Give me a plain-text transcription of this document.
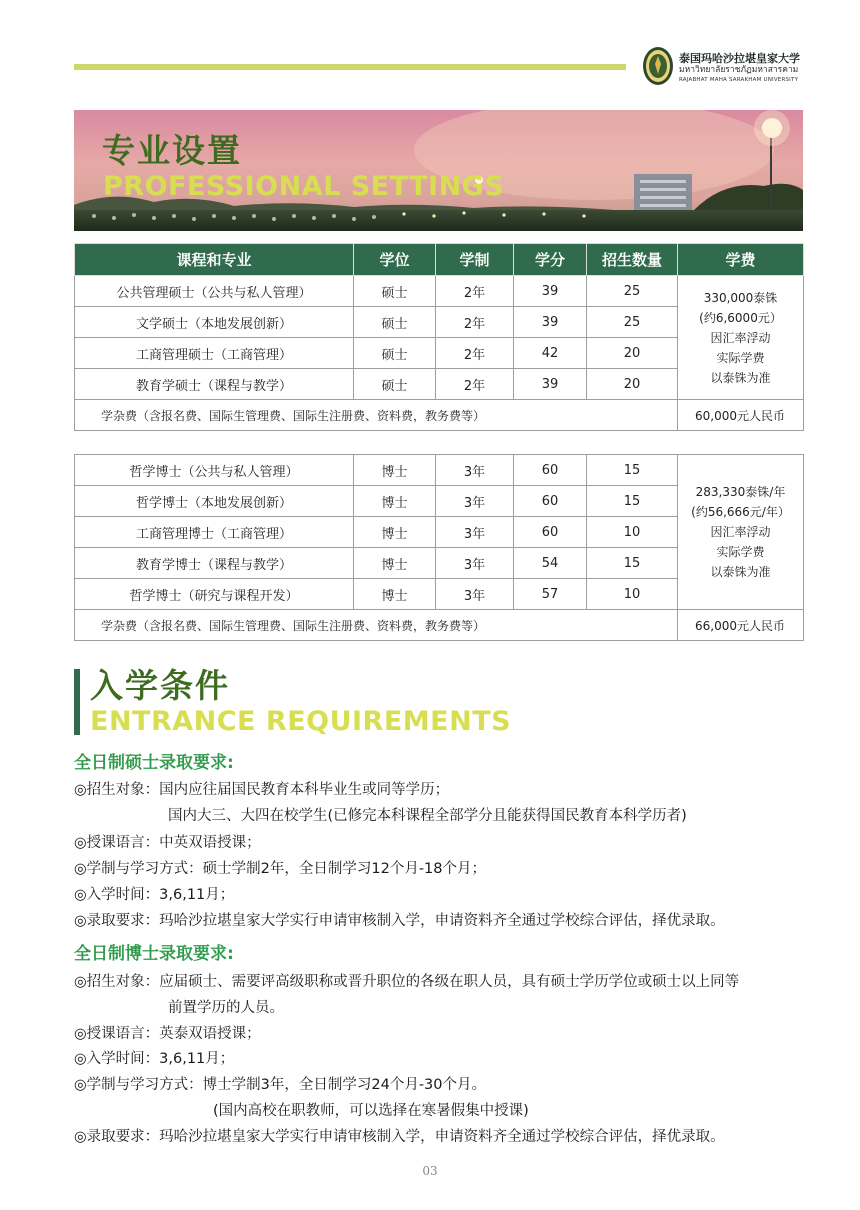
泰国玛哈沙拉堪皇家大学
มหาวิทยาลัยราชภัฏมหาสารคาม
RAJABHAT MAHA SARAKHAM UNIVERSITY
专业设置
PROFESSIONAL SETTINGS
课程和专业	学位	学制	学分	招生数量	学费
公共管理硕士（公共与私人管理）	硕士	2年	39	25	330,000泰铢
(约6,6000元）
因汇率浮动
实际学费
以泰铢为准

文学硕士（本地发展创新）	硕士	2年	39	25	
工商管理硕士（工商管理）	硕士	2年	42	20	
教育学硕士（课程与教学）	硕士	2年	39	20	
学杂费（含报名费、国际生管理费、国际生注册费、资料费，教务费等）					60,000元人民币
哲学博士（公共与私人管理）	博士	3年	60	15	283,330泰铢/年
(约56,666元/年）
因汇率浮动
实际学费
以泰铢为准

哲学博士（本地发展创新）	博士	3年	60	15	
工商管理博士（工商管理）	博士	3年	60	10	
教育学博士（课程与教学）	博士	3年	54	15	
哲学博士（研究与课程开发）	博士	3年	57	10	
学杂费（含报名费、国际生管理费、国际生注册费、资料费，教务费等）					66,000元人民币
入学条件
ENTRANCE REQUIREMENTS
全日制硕士录取要求:
◎招生对象：国内应往届国民教育本科毕业生或同等学历；
国内大三、大四在校学生(已修完本科课程全部学分且能获得国民教育本科学历者)
◎授课语言：中英双语授课；
◎学制与学习方式：硕士学制2年，全日制学习12个月-18个月；
◎入学时间：3,6,11月；
◎录取要求：玛哈沙拉堪皇家大学实行申请审核制入学，申请资料齐全通过学校综合评估，择优录取。
全日制博士录取要求:
◎招生对象：应届硕士、需要评高级职称或晋升职位的各级在职人员，具有硕士学历学位或硕士以上同等
前置学历的人员。
◎授课语言：英泰双语授课；
◎入学时间：3,6,11月；
◎学制与学习方式：博士学制3年，全日制学习24个月-30个月。
(国内高校在职教师，可以选择在寒暑假集中授课)
◎录取要求：玛哈沙拉堪皇家大学实行申请审核制入学，申请资料齐全通过学校综合评估，择优录取。
03
